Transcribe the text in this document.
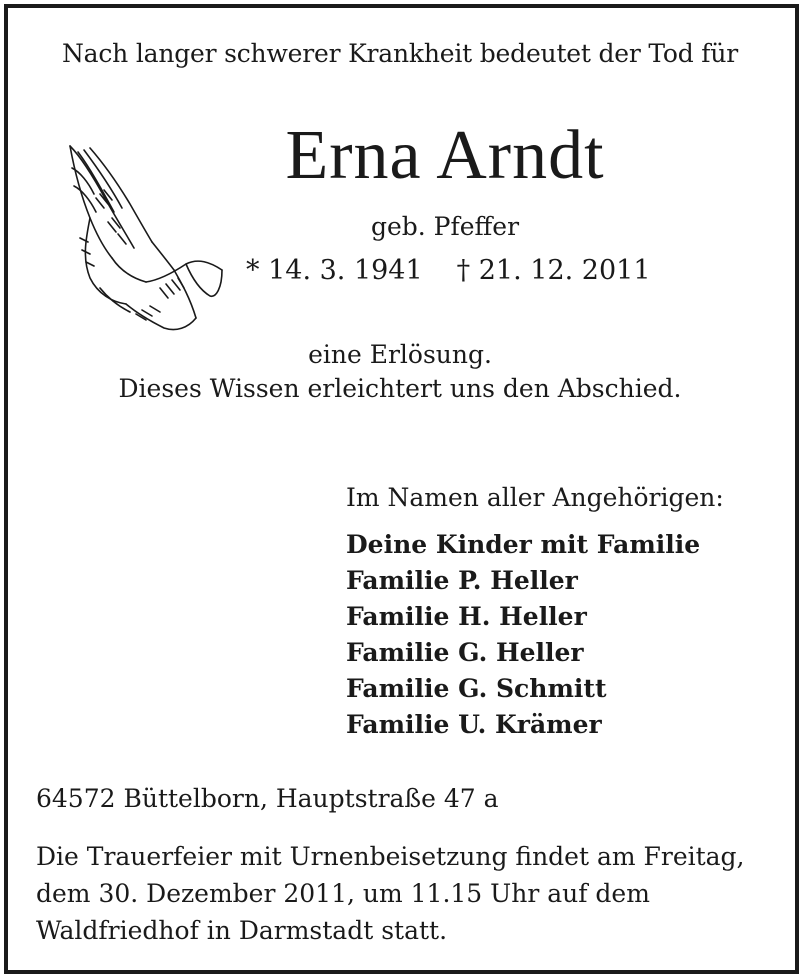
Nach langer schwerer Krankheit bedeutet der Tod für
Erna Arndt
geb. Pfeffer
* 14. 3. 1941 † 21. 12. 2011
eine Erlösung.
Dieses Wissen erleichtert uns den Abschied.
Im Namen aller Angehörigen:
Deine Kinder mit Familie
Familie P. Heller
Familie H. Heller
Familie G. Heller
Familie G. Schmitt
Familie U. Krämer
64572 Büttelborn, Hauptstraße 47 a
Die Trauerfeier mit Urnenbeisetzung findet am Freitag,
dem 30. Dezember 2011, um 11.15 Uhr auf dem
Waldfriedhof in Darmstadt statt.
